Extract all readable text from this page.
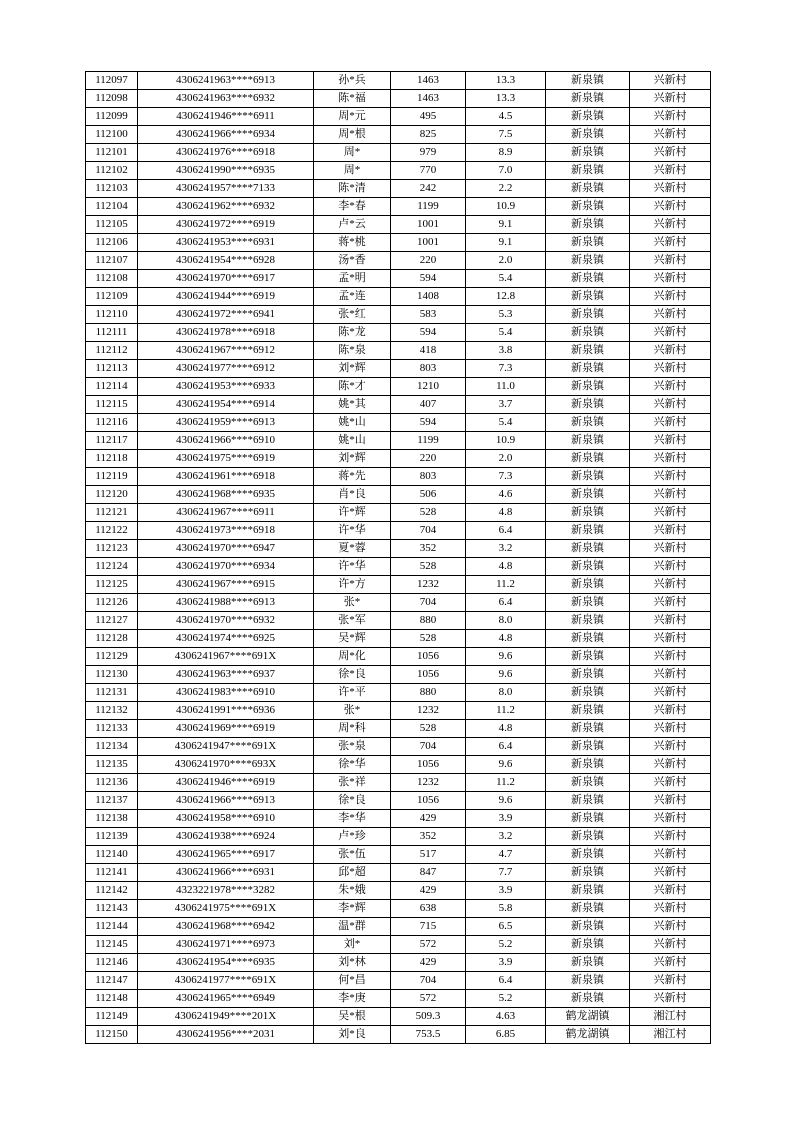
112097	4306241963****6913	孙*兵	1463	13.3	新泉镇	兴新村
112098	4306241963****6932	陈*福	1463	13.3	新泉镇	兴新村
112099	4306241946****6911	周*元	495	4.5	新泉镇	兴新村
112100	4306241966****6934	周*根	825	7.5	新泉镇	兴新村
112101	4306241976****6918	周*	979	8.9	新泉镇	兴新村
112102	4306241990****6935	周*	770	7.0	新泉镇	兴新村
112103	4306241957****7133	陈*清	242	2.2	新泉镇	兴新村
112104	4306241962****6932	李*春	1199	10.9	新泉镇	兴新村
112105	4306241972****6919	卢*云	1001	9.1	新泉镇	兴新村
112106	4306241953****6931	蒋*桃	1001	9.1	新泉镇	兴新村
112107	4306241954****6928	汤*香	220	2.0	新泉镇	兴新村
112108	4306241970****6917	孟*明	594	5.4	新泉镇	兴新村
112109	4306241944****6919	孟*连	1408	12.8	新泉镇	兴新村
112110	4306241972****6941	张*红	583	5.3	新泉镇	兴新村
112111	4306241978****6918	陈*龙	594	5.4	新泉镇	兴新村
112112	4306241967****6912	陈*泉	418	3.8	新泉镇	兴新村
112113	4306241977****6912	刘*辉	803	7.3	新泉镇	兴新村
112114	4306241953****6933	陈*才	1210	11.0	新泉镇	兴新村
112115	4306241954****6914	姚*其	407	3.7	新泉镇	兴新村
112116	4306241959****6913	姚*山	594	5.4	新泉镇	兴新村
112117	4306241966****6910	姚*山	1199	10.9	新泉镇	兴新村
112118	4306241975****6919	刘*辉	220	2.0	新泉镇	兴新村
112119	4306241961****6918	蒋*先	803	7.3	新泉镇	兴新村
112120	4306241968****6935	肖*良	506	4.6	新泉镇	兴新村
112121	4306241967****6911	许*辉	528	4.8	新泉镇	兴新村
112122	4306241973****6918	许*华	704	6.4	新泉镇	兴新村
112123	4306241970****6947	夏*蓉	352	3.2	新泉镇	兴新村
112124	4306241970****6934	许*华	528	4.8	新泉镇	兴新村
112125	4306241967****6915	许*方	1232	11.2	新泉镇	兴新村
112126	4306241988****6913	张*	704	6.4	新泉镇	兴新村
112127	4306241970****6932	张*军	880	8.0	新泉镇	兴新村
112128	4306241974****6925	吴*辉	528	4.8	新泉镇	兴新村
112129	4306241967****691X	周*化	1056	9.6	新泉镇	兴新村
112130	4306241963****6937	徐*良	1056	9.6	新泉镇	兴新村
112131	4306241983****6910	许*平	880	8.0	新泉镇	兴新村
112132	4306241991****6936	张*	1232	11.2	新泉镇	兴新村
112133	4306241969****6919	周*科	528	4.8	新泉镇	兴新村
112134	4306241947****691X	张*泉	704	6.4	新泉镇	兴新村
112135	4306241970****693X	徐*华	1056	9.6	新泉镇	兴新村
112136	4306241946****6919	张*祥	1232	11.2	新泉镇	兴新村
112137	4306241966****6913	徐*良	1056	9.6	新泉镇	兴新村
112138	4306241958****6910	李*华	429	3.9	新泉镇	兴新村
112139	4306241938****6924	卢*珍	352	3.2	新泉镇	兴新村
112140	4306241965****6917	张*伍	517	4.7	新泉镇	兴新村
112141	4306241966****6931	邱*超	847	7.7	新泉镇	兴新村
112142	4323221978****3282	朱*娥	429	3.9	新泉镇	兴新村
112143	4306241975****691X	李*辉	638	5.8	新泉镇	兴新村
112144	4306241968****6942	温*群	715	6.5	新泉镇	兴新村
112145	4306241971****6973	刘*	572	5.2	新泉镇	兴新村
112146	4306241954****6935	刘*林	429	3.9	新泉镇	兴新村
112147	4306241977****691X	何*昌	704	6.4	新泉镇	兴新村
112148	4306241965****6949	李*庚	572	5.2	新泉镇	兴新村
112149	4306241949****201X	吴*根	509.3	4.63	鹤龙湖镇	湘江村
112150	4306241956****2031	刘*良	753.5	6.85	鹤龙湖镇	湘江村
